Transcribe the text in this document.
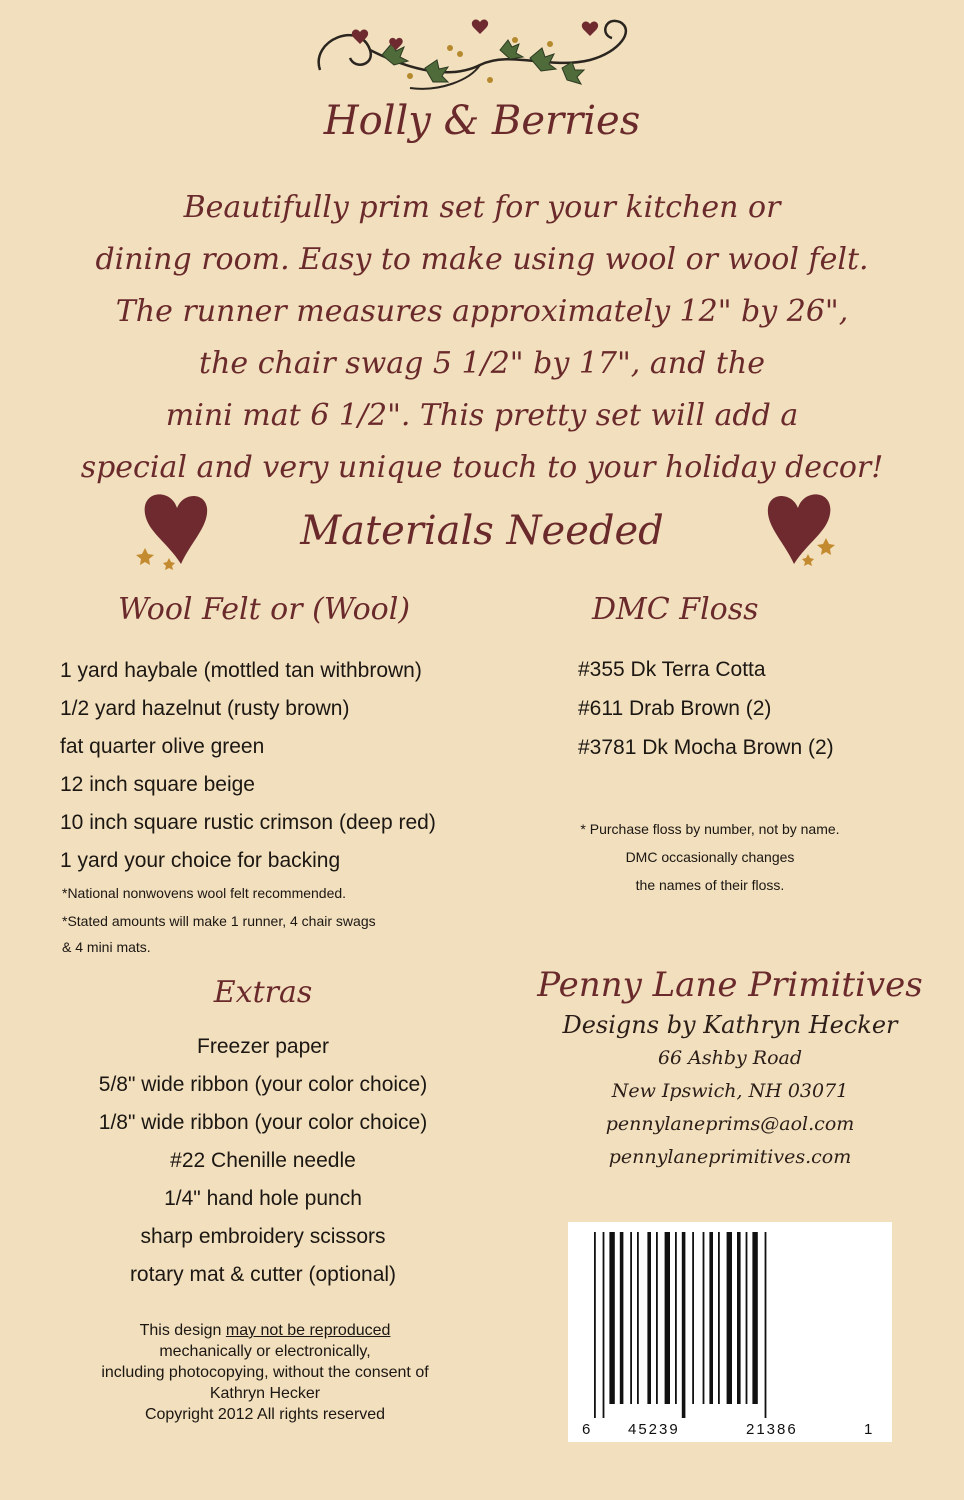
Holly & Berries
Beautifully prim set for your kitchen or
dining room. Easy to make using wool or wool felt.
The runner measures approximately 12" by 26",
the chair swag 5 1/2" by 17", and the
mini mat 6 1/2". This pretty set will add a
special and very unique touch to your holiday decor!
Materials Needed
Wool Felt or (Wool)	DMC Floss
1 yard haybale (mottled tan withbrown)
1/2 yard hazelnut (rusty brown)
fat quarter olive green
12 inch square beige
10 inch square rustic crimson (deep red)
1 yard your choice for backing
*National nonwovens wool felt recommended.
*Stated amounts will make 1 runner, 4 chair swags
& 4 mini mats.
#355 Dk Terra Cotta
#611 Drab Brown (2)
#3781 Dk Mocha Brown (2)
* Purchase floss by number, not by name.
DMC occasionally changes
the names of their floss.
Extras
Freezer paper
5/8" wide ribbon (your color choice)
1/8" wide ribbon (your color choice)
#22 Chenille needle
1/4" hand hole punch
sharp embroidery scissors
rotary mat & cutter (optional)
This design may not be reproduced
mechanically or electronically,
including photocopying, without the consent of
Kathryn Hecker
Copyright 2012 All rights reserved
Penny Lane Primitives
Designs by Kathryn Hecker
66 Ashby Road
New Ipswich, NH 03071
pennylaneprims@aol.com
pennylaneprimitives.com
6	45239	21386	1
